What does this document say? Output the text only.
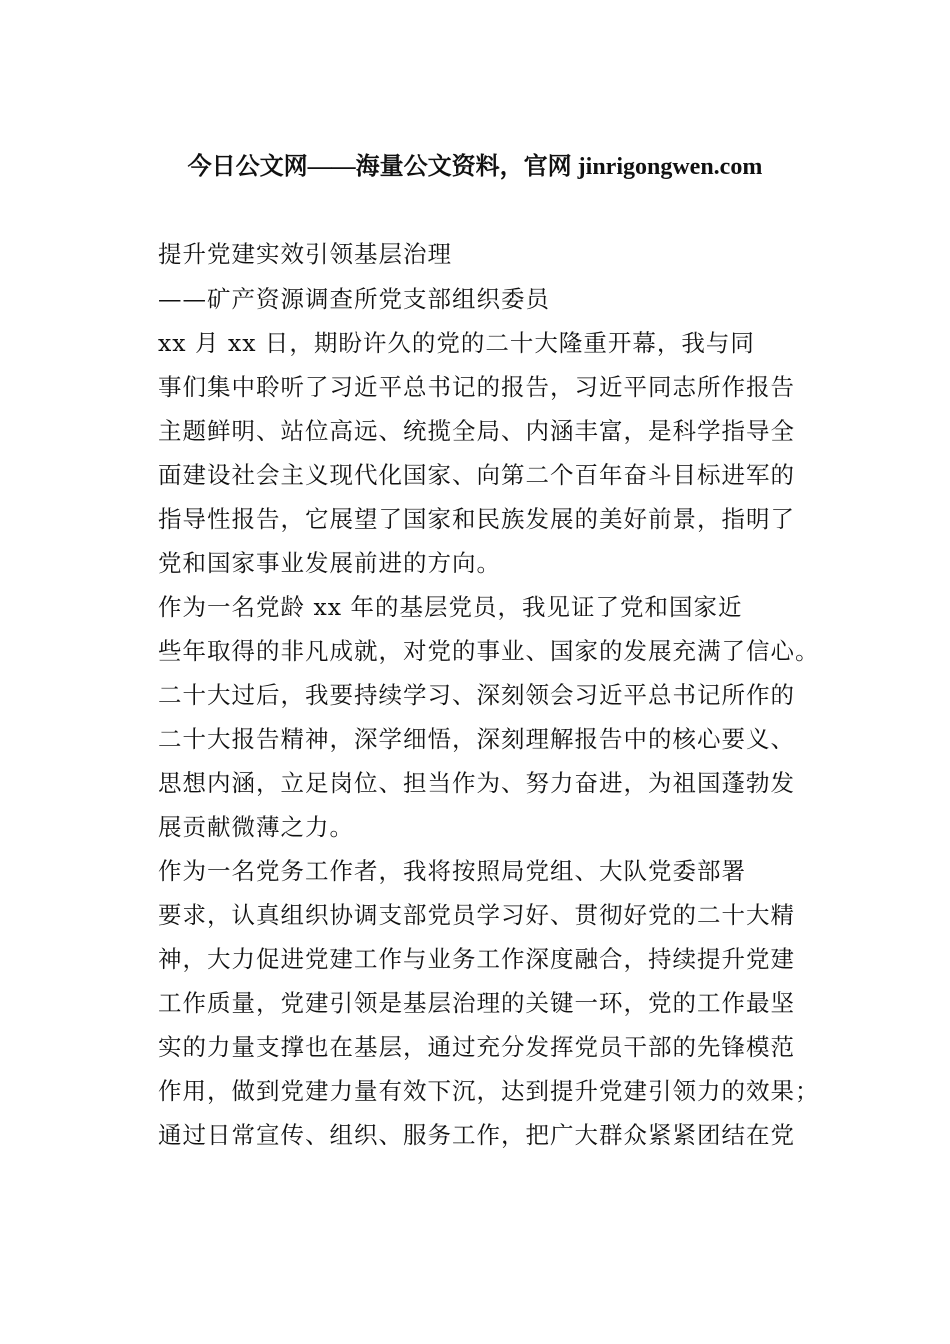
今日公文网——海量公文资料，官网 jinrigongwen.com
提升党建实效引领基层治理
——矿产资源调查所党支部组织委员
xx 月 xx 日，期盼许久的党的二十大隆重开幕，我与同
事们集中聆听了习近平总书记的报告，习近平同志所作报告
主题鲜明、站位高远、统揽全局、内涵丰富，是科学指导全
面建设社会主义现代化国家、向第二个百年奋斗目标进军的
指导性报告，它展望了国家和民族发展的美好前景，指明了
党和国家事业发展前进的方向。
作为一名党龄 xx 年的基层党员，我见证了党和国家近
些年取得的非凡成就，对党的事业、国家的发展充满了信心。
二十大过后，我要持续学习、深刻领会习近平总书记所作的
二十大报告精神，深学细悟，深刻理解报告中的核心要义、
思想内涵，立足岗位、担当作为、努力奋进，为祖国蓬勃发
展贡献微薄之力。
作为一名党务工作者，我将按照局党组、大队党委部署
要求，认真组织协调支部党员学习好、贯彻好党的二十大精
神，大力促进党建工作与业务工作深度融合，持续提升党建
工作质量，党建引领是基层治理的关键一环，党的工作最坚
实的力量支撑也在基层，通过充分发挥党员干部的先锋模范
作用，做到党建力量有效下沉，达到提升党建引领力的效果；
通过日常宣传、组织、服务工作，把广大群众紧紧团结在党
